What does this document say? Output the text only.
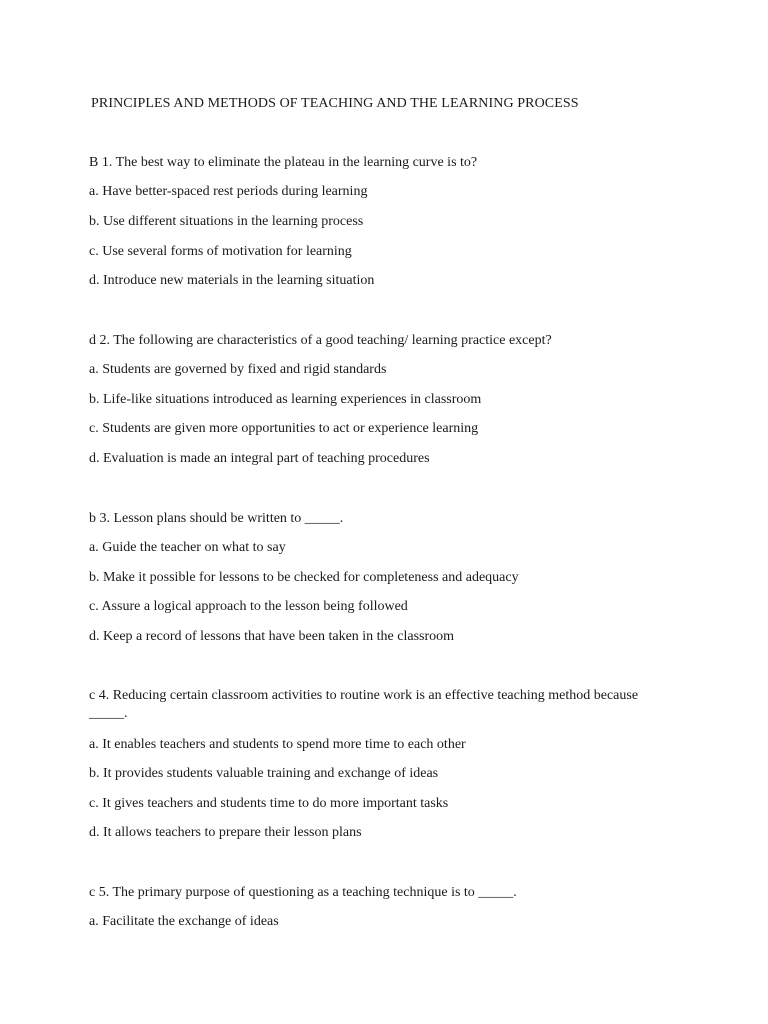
PRINCIPLES AND METHODS OF TEACHING AND THE LEARNING PROCESS
B 1. The best way to eliminate the plateau in the learning curve is to?
a. Have better-spaced rest periods during learning
b. Use different situations in the learning process
c. Use several forms of motivation for learning
d. Introduce new materials in the learning situation
d 2. The following are characteristics of a good teaching/ learning practice except?
a. Students are governed by fixed and rigid standards
b. Life-like situations introduced as learning experiences in classroom
c. Students are given more opportunities to act or experience learning
d. Evaluation is made an integral part of teaching procedures
b 3. Lesson plans should be written to _____.
a. Guide the teacher on what to say
b. Make it possible for lessons to be checked for completeness and adequacy
c. Assure a logical approach to the lesson being followed
d. Keep a record of lessons that have been taken in the classroom
c 4. Reducing certain classroom activities to routine work is an effective teaching method because _____.
a. It enables teachers and students to spend more time to each other
b. It provides students valuable training and exchange of ideas
c. It gives teachers and students time to do more important tasks
d. It allows teachers to prepare their lesson plans
c 5. The primary purpose of questioning as a teaching technique is to _____.
a. Facilitate the exchange of ideas
